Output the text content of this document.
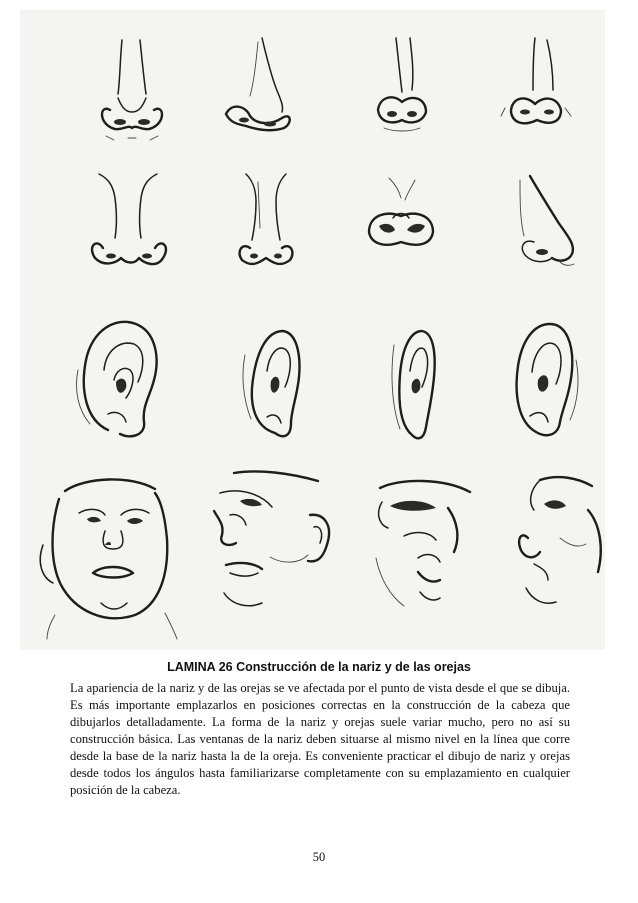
LAMINA 26 Construcción de la nariz y de las orejas

La apariencia de la nariz y de las orejas se ve afectada por el punto de vista desde el que se dibuja. Es más importante emplazarlos en posiciones correctas en la construcción de la cabeza que dibujarlos detalladamente. La forma de la nariz y orejas suele variar mucho, pero no así su construcción básica. Las ventanas de la nariz deben situarse al mismo nivel en la línea que corre desde la base de la nariz hasta la de la oreja. Es conveniente practicar el dibujo de nariz y orejas desde todos los ángulos hasta familiarizarse completamente con su emplazamiento en cualquier posición de la cabeza.

50
